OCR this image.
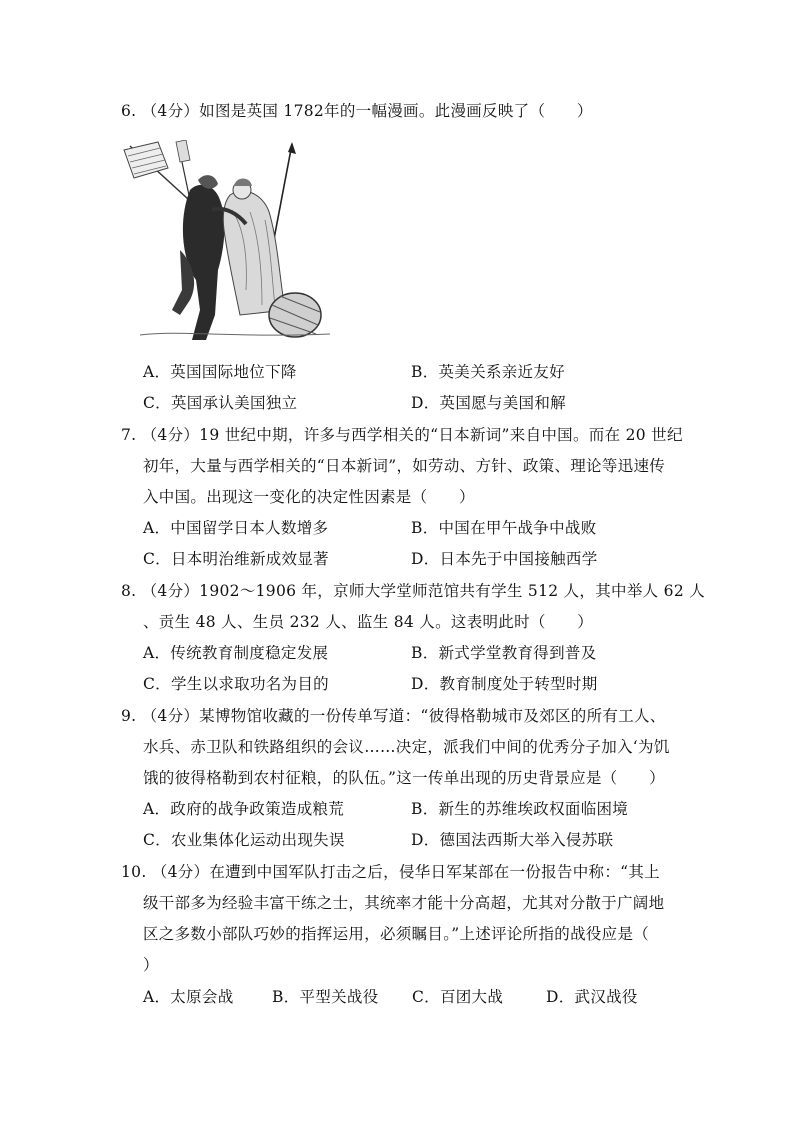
6. （4分）如图是英国 1782年的一幅漫画。此漫画反映了（　　）
A．英国国际地位下降	B．英美关系亲近友好
C．英国承认美国独立	D．英国愿与美国和解
7. （4分）19 世纪中期，许多与西学相关的“日本新词”来自中国。而在 20 世纪
初年，大量与西学相关的“日本新词”，如劳动、方针、政策、理论等迅速传
入中国。出现这一变化的决定性因素是（　　）
A．中国留学日本人数增多	B．中国在甲午战争中战败
C．日本明治维新成效显著	D．日本先于中国接触西学
8. （4分）1902～1906 年，京师大学堂师范馆共有学生 512 人，其中举人 62 人
、贡生 48 人、生员 232 人、监生 84 人。这表明此时（　　）
A．传统教育制度稳定发展	B．新式学堂教育得到普及
C．学生以求取功名为目的	D．教育制度处于转型时期
9. （4分）某博物馆收藏的一份传单写道：“彼得格勒城市及郊区的所有工人、
水兵、赤卫队和铁路组织的会议……决定，派我们中间的优秀分子加入‘为饥
饿的彼得格勒到农村征粮，的队伍。”这一传单出现的历史背景应是（　　）
A．政府的战争政策造成粮荒	B．新生的苏维埃政权面临困境
C．农业集体化运动出现失误	D．德国法西斯大举入侵苏联
10. （4分）在遭到中国军队打击之后，侵华日军某部在一份报告中称：“其上
级干部多为经验丰富干练之士，其统率才能十分高超，尤其对分散于广阔地
区之多数小部队巧妙的指挥运用，必须瞩目。”上述评论所指的战役应是（
）
A．太原会战 B．平型关战役 C．百团大战	D．武汉战役
